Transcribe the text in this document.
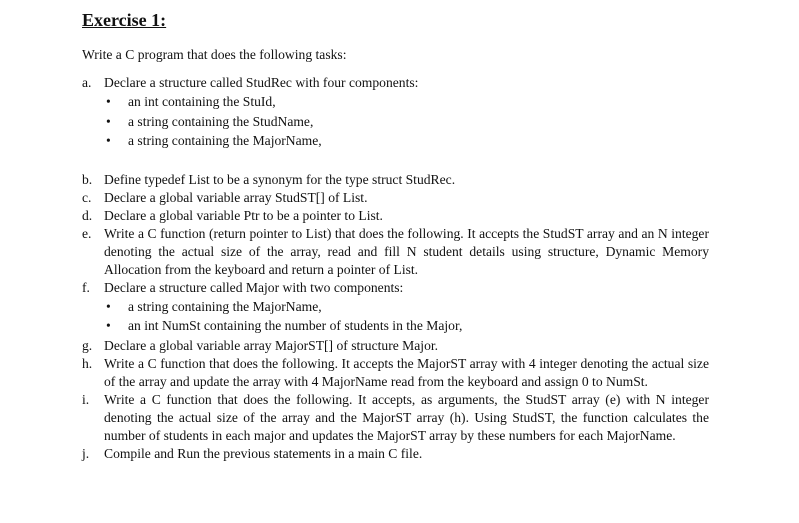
Exercise 1:
Write a C program that does the following tasks:
a. Declare a structure called StudRec with four components:
•	an int containing the StuId,
•	a string containing the StudName,
•	a string containing the MajorName,
b. Define typedef List to be a synonym for the type struct StudRec.
c. Declare a global variable array StudST[] of List.
d. Declare a global variable Ptr to be a pointer to List.
e. Write a C function (return pointer to List) that does the following. It accepts the StudST array and an N integer denoting the actual size of the array, read and fill N student details using structure, Dynamic Memory Allocation from the keyboard and return a pointer of List.
f.	Declare a structure called Major with two components:
•	a string containing the MajorName,
•	an int NumSt containing the number of students in the Major,
g. Declare a global variable array MajorST[] of structure Major.
h. Write a C function that does the following. It accepts the MajorST array with 4 integer denoting the actual size of the array and update the array with 4 MajorName read from the keyboard and assign 0 to NumSt.
i.	Write a C function that does the following. It accepts, as arguments, the StudST array (e) with N integer denoting the actual size of the array and the MajorST array (h). Using StudST, the function calculates the number of students in each major and updates the MajorST array by these numbers for each MajorName.
j.	Compile and Run the previous statements in a main C file.
